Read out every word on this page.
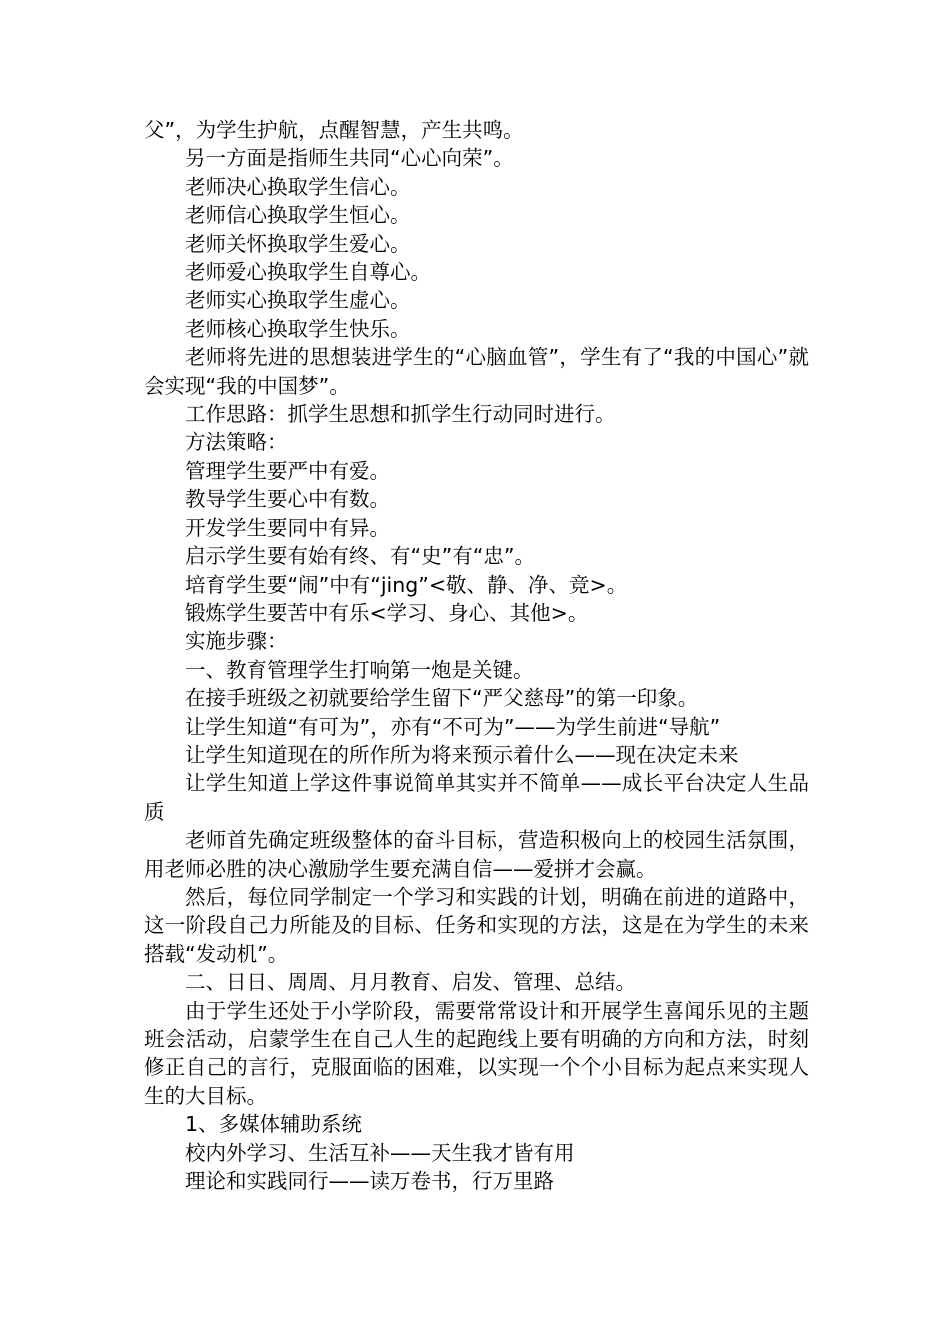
父”，为学生护航，点醒智慧，产生共鸣。

另一方面是指师生共同“心心向荣”。

老师决心换取学生信心。

老师信心换取学生恒心。

老师关怀换取学生爱心。

老师爱心换取学生自尊心。

老师实心换取学生虚心。

老师核心换取学生快乐。

老师将先进的思想装进学生的“心脑血管”，学生有了“我的中国心”就会实现“我的中国梦”。

工作思路：抓学生思想和抓学生行动同时进行。

方法策略：

管理学生要严中有爱。

教导学生要心中有数。

开发学生要同中有异。

启示学生要有始有终、有“史”有“忠”。

培育学生要“闹”中有“jing”<敬、静、净、竞>。

锻炼学生要苦中有乐<学习、身心、其他>。

实施步骤：

一、教育管理学生打响第一炮是关键。

在接手班级之初就要给学生留下“严父慈母”的第一印象。

让学生知道“有可为”，亦有“不可为”——为学生前进“导航”

让学生知道现在的所作所为将来预示着什么——现在决定未来

让学生知道上学这件事说简单其实并不简单——成长平台决定人生品质

老师首先确定班级整体的奋斗目标，营造积极向上的校园生活氛围，用老师必胜的决心激励学生要充满自信——爱拼才会赢。

然后，每位同学制定一个学习和实践的计划，明确在前进的道路中，这一阶段自己力所能及的目标、任务和实现的方法，这是在为学生的未来搭载“发动机”。

二、日日、周周、月月教育、启发、管理、总结。

由于学生还处于小学阶段，需要常常设计和开展学生喜闻乐见的主题班会活动，启蒙学生在自己人生的起跑线上要有明确的方向和方法，时刻修正自己的言行，克服面临的困难，以实现一个个小目标为起点来实现人生的大目标。

1、多媒体辅助系统

校内外学习、生活互补——天生我才皆有用

理论和实践同行——读万卷书，行万里路
